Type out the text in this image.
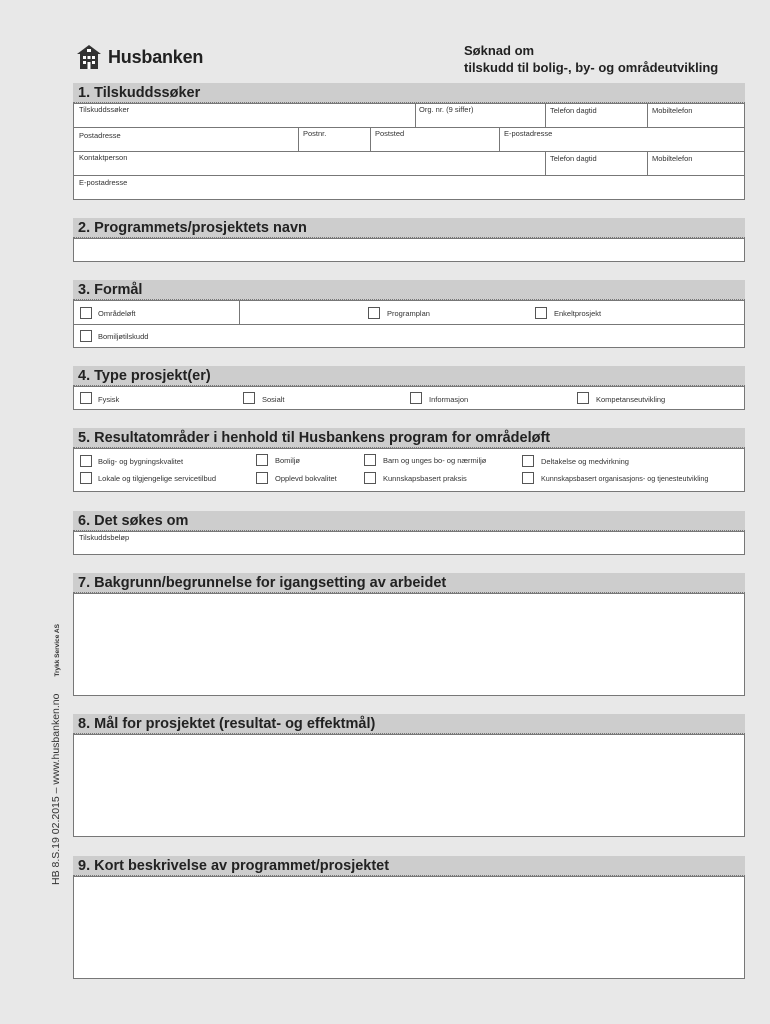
Husbanken	Søknad om
tilskudd til bolig-, by- og områdeutvikling
1. Tilskuddssøker
Tilskuddssøker	Org. nr. (9 siffer)	Telefon dagtid	Mobiltelefon
Postadresse	Postnr.	Poststed	E-postadresse
Kontaktperson	Telefon dagtid	Mobiltelefon
E-postadresse
2. Programmets/prosjektets navn
3. Formål
Områdeløft	Programplan	Enkeltprosjekt
Bomiljøtilskudd
4. Type prosjekt(er)
Fysisk	Sosialt	Informasjon	Kompetanseutvikling
5. Resultatområder i henhold til Husbankens program for områdeløft
Bolig- og bygningskvalitet	Bomiljø	Barn og unges bo- og nærmiljø	Deltakelse og medvirkning
Lokale og tilgjengelige servicetilbud	Opplevd bokvalitet	Kunnskapsbasert praksis	Kunnskapsbasert organisasjons- og tjenesteutvikling
6. Det søkes om
Tilskuddsbeløp
7. Bakgrunn/begrunnelse for igangsetting av arbeidet
8. Mål for prosjektet (resultat- og effektmål)
9. Kort beskrivelse av programmet/prosjektet
HB 8.S.19 02.2015 – www.husbanken.no Trykk Service AS
